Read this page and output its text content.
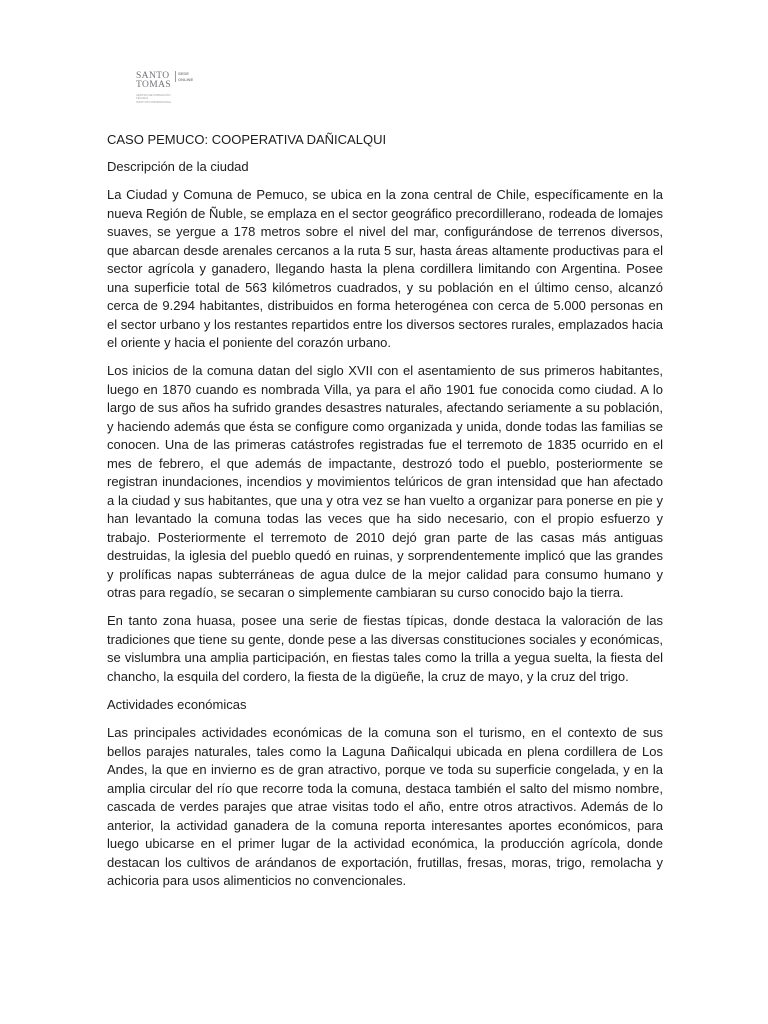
SANTO
TOMAS
SEDE
ONLINE
CENTRO DE FORMACIÓN TÉCNICA
INSTITUTO PROFESIONAL

CASO PEMUCO: COOPERATIVA DAÑICALQUI

Descripción de la ciudad

La Ciudad y Comuna de Pemuco, se ubica en la zona central de Chile, específicamente en la nueva Región de Ñuble, se emplaza en el sector geográfico precordillerano, rodeada de lomajes suaves, se yergue a 178 metros sobre el nivel del mar, configurándose de terrenos diversos, que abarcan desde arenales cercanos a la ruta 5 sur, hasta áreas altamente productivas para el sector agrícola y ganadero, llegando hasta la plena cordillera limitando con Argentina. Posee una superficie total de 563 kilómetros cuadrados, y su población en el último censo, alcanzó cerca de 9.294 habitantes, distribuidos en forma heterogénea con cerca de 5.000 personas en el sector urbano y los restantes repartidos entre los diversos sectores rurales, emplazados hacia el oriente y hacia el poniente del corazón urbano.

Los inicios de la comuna datan del siglo XVII con el asentamiento de sus primeros habitantes, luego en 1870 cuando es nombrada Villa, ya para el año 1901 fue conocida como ciudad. A lo largo de sus años ha sufrido grandes desastres naturales, afectando seriamente a su población, y haciendo además que ésta se configure como organizada y unida, donde todas las familias se conocen. Una de las primeras catástrofes registradas fue el terremoto de 1835 ocurrido en el mes de febrero, el que además de impactante, destrozó todo el pueblo, posteriormente se registran inundaciones, incendios y movimientos telúricos de gran intensidad que han afectado a la ciudad y sus habitantes, que una y otra vez se han vuelto a organizar para ponerse en pie y han levantado la comuna todas las veces que ha sido necesario, con el propio esfuerzo y trabajo. Posteriormente el terremoto de 2010 dejó gran parte de las casas más antiguas destruidas, la iglesia del pueblo quedó en ruinas, y sorprendentemente implicó que las grandes y prolíficas napas subterráneas de agua dulce de la mejor calidad para consumo humano y otras para regadío, se secaran o simplemente cambiaran su curso conocido bajo la tierra.

En tanto zona huasa, posee una serie de fiestas típicas, donde destaca la valoración de las tradiciones que tiene su gente, donde pese a las diversas constituciones sociales y económicas, se vislumbra una amplia participación, en fiestas tales como la trilla a yegua suelta, la fiesta del chancho, la esquila del cordero, la fiesta de la digüeñe, la cruz de mayo, y la cruz del trigo.

Actividades económicas

Las principales actividades económicas de la comuna son el turismo, en el contexto de sus bellos parajes naturales, tales como la Laguna Dañicalqui ubicada en plena cordillera de Los Andes, la que en invierno es de gran atractivo, porque ve toda su superficie congelada, y en la amplia circular del río que recorre toda la comuna, destaca también el salto del mismo nombre, cascada de verdes parajes que atrae visitas todo el año, entre otros atractivos. Además de lo anterior, la actividad ganadera de la comuna reporta interesantes aportes económicos, para luego ubicarse en el primer lugar de la actividad económica, la producción agrícola, donde destacan los cultivos de arándanos de exportación, frutillas, fresas, moras, trigo, remolacha y achicoria para usos alimenticios no convencionales.
